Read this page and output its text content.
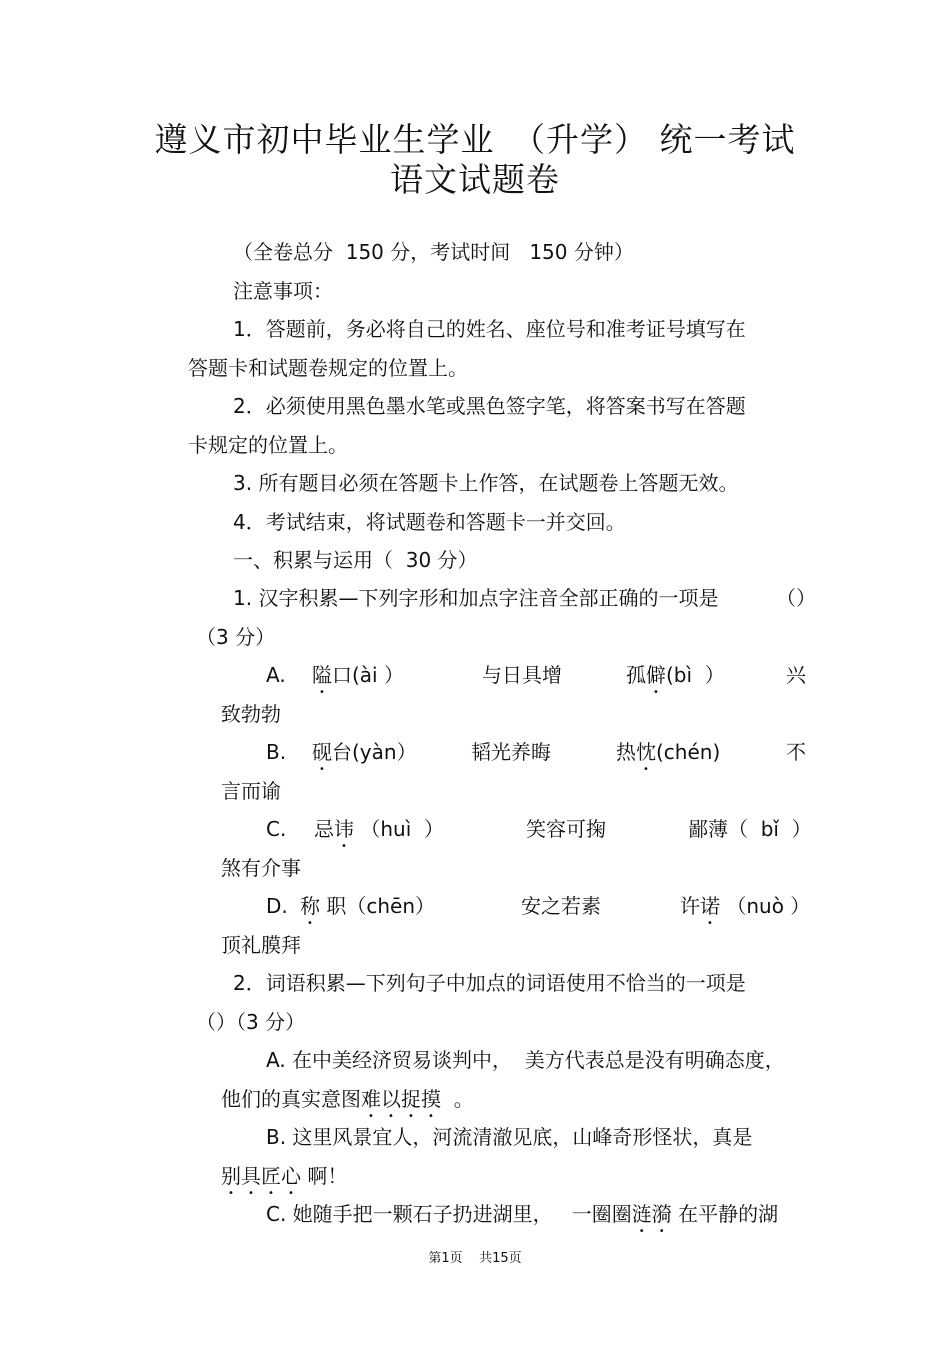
遵义市初中毕业生学业　（升学） 统一考试
语文试题卷
（全卷总分  150 分，考试时间   150 分钟）
注意事项：
1．答题前，务必将自己的姓名、座位号和准考证号填写在
答题卡和试题卷规定的位置上。
2．必须使用黑色墨水笔或黑色签字笔，将答案书写在答题
卡规定的位置上。
3. 所有题目必须在答题卡上作答，在试题卷上答题无效。
4．考试结束，将试题卷和答题卡一并交回。
一、积累与运用（  30 分）
1. 汉字积累—下列字形和加点字注音全部正确的一项是	（）
（3 分）
A. 隘口(ài ）	与日具增	孤僻(bì  ）	兴
致勃勃
B. 砚台(yàn）	韬光养晦	热忱(chén)	不
言而谕
C. 忌讳 （huì  ）	笑容可掬	鄙薄（  bǐ  ）
煞有介事
D. 称 职（chēn）	安之若素	许诺 （nuò ）
顶礼膜拜
2．词语积累—下列句子中加点的词语使用不恰当的一项是
（）（3 分）
A. 在中美经济贸易谈判中，  美方代表总是没有明确态度，
他们的真实意图难以捉摸  。
B. 这里风景宜人，河流清澈见底，山峰奇形怪状，真是
别具匠心 啊！
C. 她随手把一颗石子扔进湖里，   一圈圈涟漪 在平静的湖
第1页    共15页
